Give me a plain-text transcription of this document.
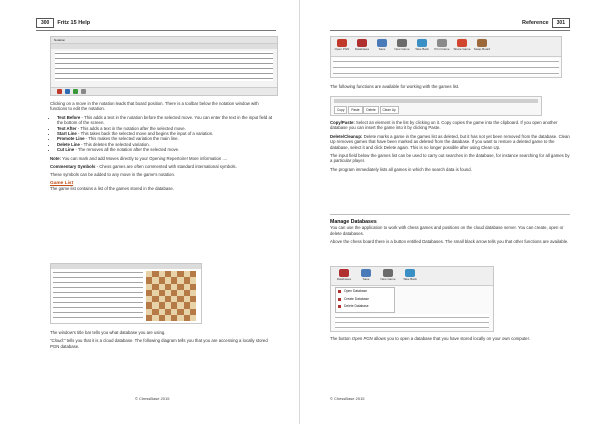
300 Fritz 15 Help
Notation

Clicking on a move in the notation leads that board position. There is a toolbar below the notation window with functions to edit the notation.

• Text Before - This adds a text in the notation before the selected move. You can enter the text in the input field at the bottom of the screen.
• Text After - This adds a text in the notation after the selected move.
• Start Line - This takes back the selected move and begins the input of a variation.
• Promote Line - This makes the selected variation the main line.
• Delete Line - This deletes the selected variation.
• Cut Line - The removes all the notation after the selected move.

Note: You can mark and add Moves directly to your Opening Repertoire! More information ....

Commentary Symbols - Chess games are often commented with standard international symbols.

These symbols can be added to any move in the game's notation.

Game List

The game list contains a list of the games stored in the database.

The window's title bar tells you what database you are using.

"Cloud:" tells you that it is a cloud database. The following diagram tells you that you are accessing a locally stored PGN database.

© ChessBase 2015
Reference 301
Open PGN	Databases	Save	New Game	Take Back	Print Game	Share Game Swap Board

The following functions are available for working with the games list.

Copy Paste Delete Clean Up

Copy/Paste: Select an element in the list by clicking on it. Copy copies the game into the clipboard. If you open another database you can insert the game into it by clicking Paste.

Delete/Cleanup: Delete marks a game in the games list as deleted, but it has not yet been removed from the database. Clean Up removes games that have been marked as deleted from the database. If you want to restore a deleted game to the database, select it and click Delete again. This is no longer possible after using Clean Up.

The input field below the games list can be used to carry out searches in the database, for instance searching for all games by a particular player.

The program immediately lists all games in which the search data is found.

Manage Databases

You can use the application to work with chess games and positions on the cloud database server. You can create, open or delete databases.

Above the chess board there is a button entitled Databases. The small black arrow tells you that other functions are available.

Databases	Save	New Game	Take Back
Open Database
Create Database
Delete Database

The button Open PGN allows you to open a database that you have stored locally on your own computer.

© ChessBase 2015
